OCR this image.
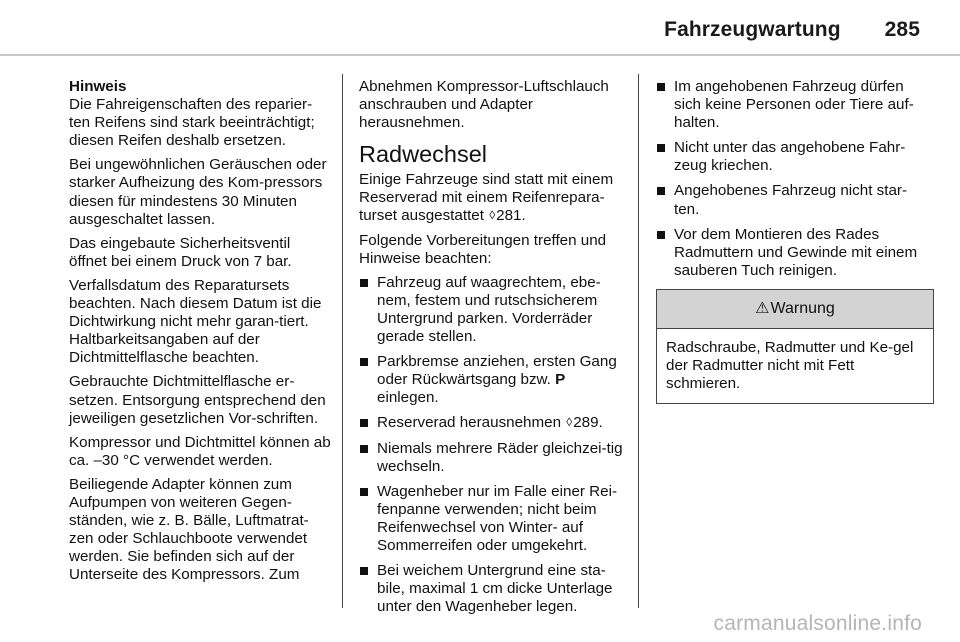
Fahrzeugwartung 285

Hinweis
Die Fahreigenschaften des reparier-ten Reifens sind stark beeinträchtigt; diesen Reifen deshalb ersetzen.

Bei ungewöhnlichen Geräuschen oder starker Aufheizung des Kom-pressors diesen für mindestens 30 Minuten ausgeschaltet lassen.

Das eingebaute Sicherheitsventil öffnet bei einem Druck von 7 bar.

Verfallsdatum des Reparatursets beachten. Nach diesem Datum ist die Dichtwirkung nicht mehr garan-tiert. Haltbarkeitsangaben auf der Dichtmittelflasche beachten.

Gebrauchte Dichtmittelflasche er-setzen. Entsorgung entsprechend den jeweiligen gesetzlichen Vor-schriften.

Kompressor und Dichtmittel können ab ca. –30 °C verwendet werden.

Beiliegende Adapter können zum Aufpumpen von weiteren Gegen-ständen, wie z. B. Bälle, Luftmatrat-zen oder Schlauchboote verwendet werden. Sie befinden sich auf der Unterseite des Kompressors. Zum

Abnehmen Kompressor-Luftschlauch anschrauben und Adapter herausnehmen.

Radwechsel

Einige Fahrzeuge sind statt mit einem Reserverad mit einem Reifenrepara-turset ausgestattet ◊281.

Folgende Vorbereitungen treffen und Hinweise beachten:

Fahrzeug auf waagrechtem, ebe-nem, festem und rutschsicherem Untergrund parken. Vorderräder gerade stellen.
Parkbremse anziehen, ersten Gang oder Rückwärtsgang bzw. P einlegen.
Reserverad herausnehmen ◊289.
Niemals mehrere Räder gleichzei-tig wechseln.
Wagenheber nur im Falle einer Rei-fenpanne verwenden; nicht beim Reifenwechsel von Winter- auf Sommerreifen oder umgekehrt.
Bei weichem Untergrund eine sta-bile, maximal 1 cm dicke Unterlage unter den Wagenheber legen.
Im angehobenen Fahrzeug dürfen sich keine Personen oder Tiere auf-halten.
Nicht unter das angehobene Fahr-zeug kriechen.
Angehobenes Fahrzeug nicht star-ten.
Vor dem Montieren des Rades Radmuttern und Gewinde mit einem sauberen Tuch reinigen.
⚠Warnung
Radschraube, Radmutter und Ke-gel der Radmutter nicht mit Fett schmieren.
carmanualsonline.info
